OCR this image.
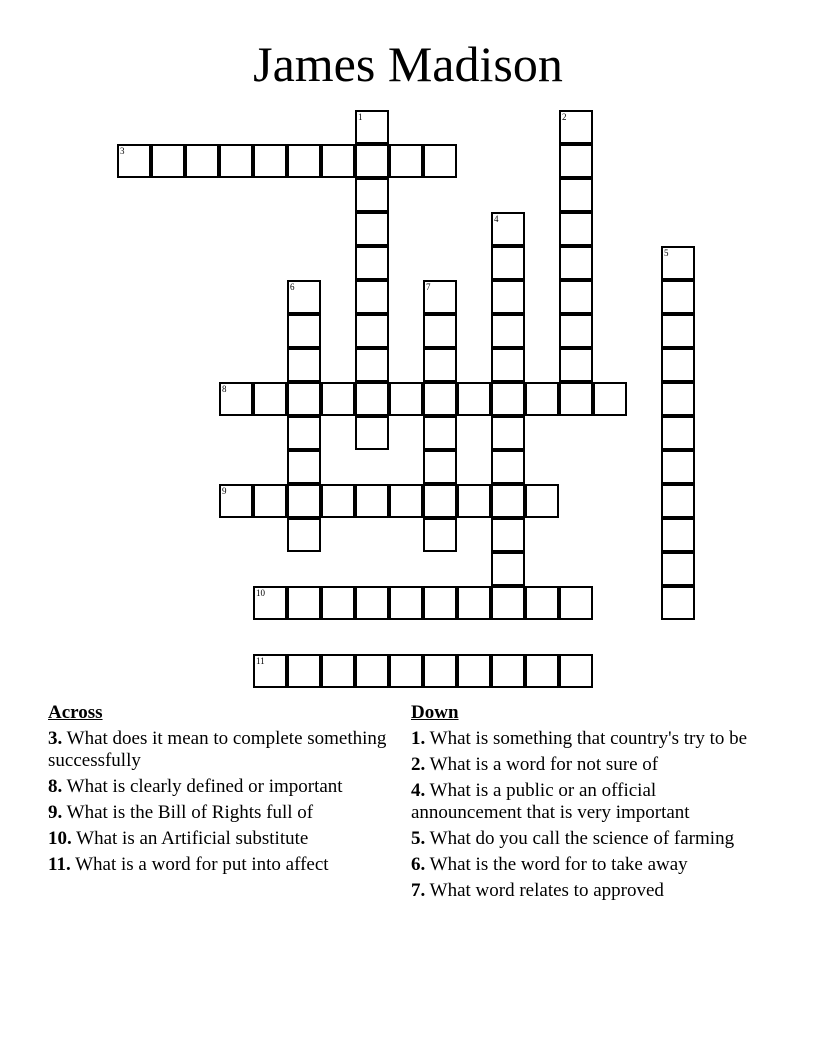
James Madison
1	2
3
4
5
6	7
8
9
10
11
Across
3. What does it mean to complete something successfully
8. What is clearly defined or important
9. What is the Bill of Rights full of
10. What is an Artificial substitute
11. What is a word for put into affect
Down
1. What is something that country's try to be
2. What is a word for not sure of
4. What is a public or an official announcement that is very important
5. What do you call the science of farming
6. What is the word for to take away
7. What word relates to approved
